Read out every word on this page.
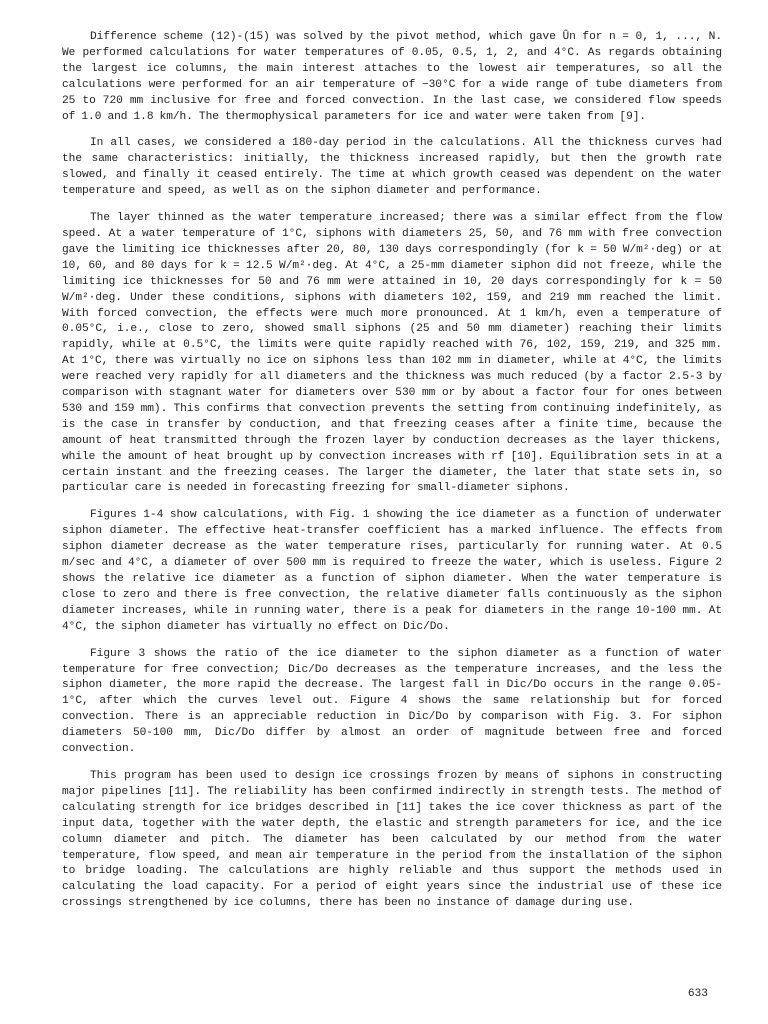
Difference scheme (12)-(15) was solved by the pivot method, which gave Ûn for n = 0, 1, ..., N. We performed calculations for water temperatures of 0.05, 0.5, 1, 2, and 4°C. As regards obtaining the largest ice columns, the main interest attaches to the lowest air temperatures, so all the calculations were performed for an air temperature of −30°C for a wide range of tube diameters from 25 to 720 mm inclusive for free and forced convection. In the last case, we considered flow speeds of 1.0 and 1.8 km/h. The thermophysical parameters for ice and water were taken from [9].

In all cases, we considered a 180-day period in the calculations. All the thickness curves had the same characteristics: initially, the thickness increased rapidly, but then the growth rate slowed, and finally it ceased entirely. The time at which growth ceased was dependent on the water temperature and speed, as well as on the siphon diameter and performance.

The layer thinned as the water temperature increased; there was a similar effect from the flow speed. At a water temperature of 1°C, siphons with diameters 25, 50, and 76 mm with free convection gave the limiting ice thicknesses after 20, 80, 130 days correspondingly (for k = 50 W/m²·deg) or at 10, 60, and 80 days for k = 12.5 W/m²·deg. At 4°C, a 25-mm diameter siphon did not freeze, while the limiting ice thicknesses for 50 and 76 mm were attained in 10, 20 days correspondingly for k = 50 W/m²·deg. Under these conditions, siphons with diameters 102, 159, and 219 mm reached the limit. With forced convection, the effects were much more pronounced. At 1 km/h, even a temperature of 0.05°C, i.e., close to zero, showed small siphons (25 and 50 mm diameter) reaching their limits rapidly, while at 0.5°C, the limits were quite rapidly reached with 76, 102, 159, 219, and 325 mm. At 1°C, there was virtually no ice on siphons less than 102 mm in diameter, while at 4°C, the limits were reached very rapidly for all diameters and the thickness was much reduced (by a factor 2.5-3 by comparison with stagnant water for diameters over 530 mm or by about a factor four for ones between 530 and 159 mm). This confirms that convection prevents the setting from continuing indefinitely, as is the case in transfer by conduction, and that freezing ceases after a finite time, because the amount of heat transmitted through the frozen layer by conduction decreases as the layer thickens, while the amount of heat brought up by convection increases with rf [10]. Equilibration sets in at a certain instant and the freezing ceases. The larger the diameter, the later that state sets in, so particular care is needed in forecasting freezing for small-diameter siphons.

Figures 1-4 show calculations, with Fig. 1 showing the ice diameter as a function of underwater siphon diameter. The effective heat-transfer coefficient has a marked influence. The effects from siphon diameter decrease as the water temperature rises, particularly for running water. At 0.5 m/sec and 4°C, a diameter of over 500 mm is required to freeze the water, which is useless. Figure 2 shows the relative ice diameter as a function of siphon diameter. When the water temperature is close to zero and there is free convection, the relative diameter falls continuously as the siphon diameter increases, while in running water, there is a peak for diameters in the range 10-100 mm. At 4°C, the siphon diameter has virtually no effect on Dic/Do.

Figure 3 shows the ratio of the ice diameter to the siphon diameter as a function of water temperature for free convection; Dic/Do decreases as the temperature increases, and the less the siphon diameter, the more rapid the decrease. The largest fall in Dic/Do occurs in the range 0.05-1°C, after which the curves level out. Figure 4 shows the same relationship but for forced convection. There is an appreciable reduction in Dic/Do by comparison with Fig. 3. For siphon diameters 50-100 mm, Dic/Do differ by almost an order of magnitude between free and forced convection.

This program has been used to design ice crossings frozen by means of siphons in constructing major pipelines [11]. The reliability has been confirmed indirectly in strength tests. The method of calculating strength for ice bridges described in [11] takes the ice cover thickness as part of the input data, together with the water depth, the elastic and strength parameters for ice, and the ice column diameter and pitch. The diameter has been calculated by our method from the water temperature, flow speed, and mean air temperature in the period from the installation of the siphon to bridge loading. The calculations are highly reliable and thus support the methods used in calculating the load capacity. For a period of eight years since the industrial use of these ice crossings strengthened by ice columns, there has been no instance of damage during use.

633
